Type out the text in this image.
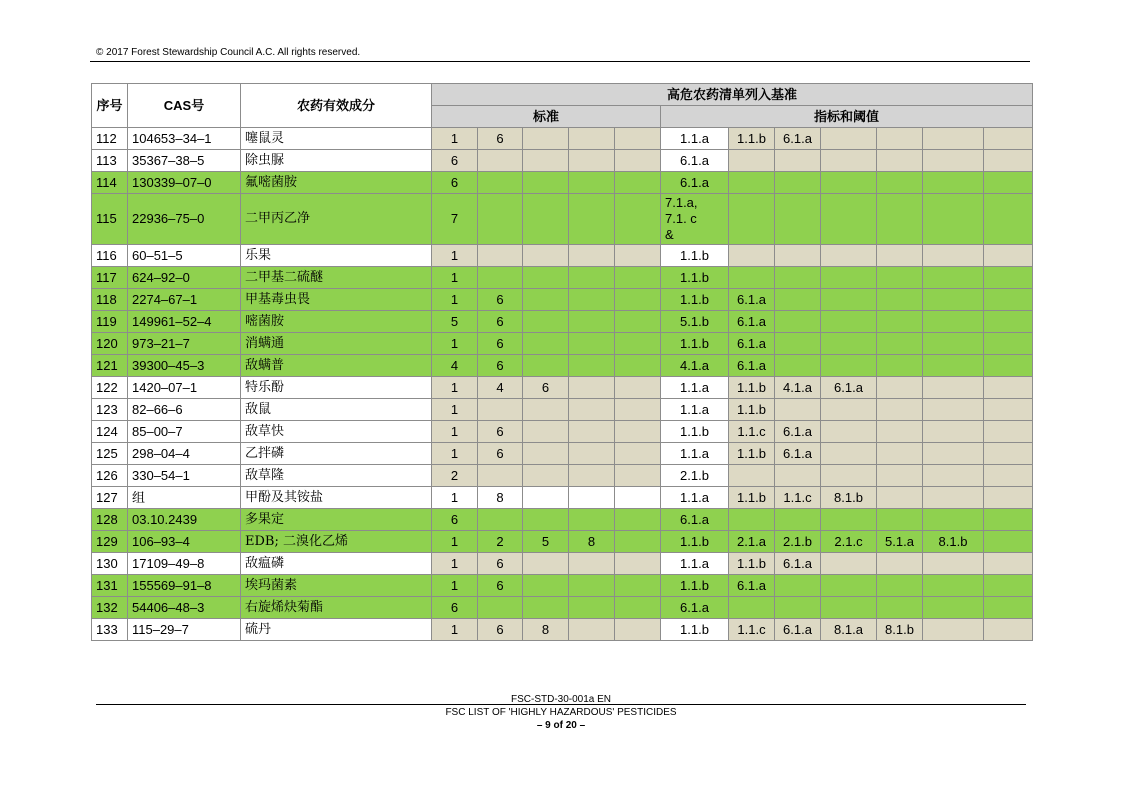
© 2017 Forest Stewardship Council A.C. All rights reserved.
序号	CAS号	农药有效成分	高危农药清单列入基准											
			标准					指标和阈值						
112	104653–34–1	噻鼠灵	1	6				1.1.a	1.1.b	6.1.a				
113	35367–38–5	除虫脲	6					6.1.a						
114	130339–07–0	氟嘧菌胺	6					6.1.a						
115	22936–75–0	二甲丙乙净	7					7.1.a,
7.1. c
&						
116	60–51–5	乐果	1					1.1.b						
117	624–92–0	二甲基二硫醚	1					1.1.b						
118	2274–67–1	甲基毒虫畏	1	6				1.1.b	6.1.a					
119	149961–52–4	嘧菌胺	5	6				5.1.b	6.1.a					
120	973–21–7	消螨通	1	6				1.1.b	6.1.a					
121	39300–45–3	敌螨普	4	6				4.1.a	6.1.a					
122	1420–07–1	特乐酚	1	4	6			1.1.a	1.1.b	4.1.a	6.1.a			
123	82–66–6	敌鼠	1					1.1.a	1.1.b					
124	85–00–7	敌草快	1	6				1.1.b	1.1.c	6.1.a				
125	298–04–4	乙拌磷	1	6				1.1.a	1.1.b	6.1.a				
126	330–54–1	敌草隆	2					2.1.b						
127	组	甲酚及其铵盐	1	8				1.1.a	1.1.b	1.1.c	8.1.b			
128	03.10.2439	多果定	6					6.1.a						
129	106–93–4	EDB; 二溴化乙烯	1	2	5	8		1.1.b	2.1.a	2.1.b	2.1.c	5.1.a	8.1.b	
130	17109–49–8	敌瘟磷	1	6				1.1.a	1.1.b	6.1.a				
131	155569–91–8	埃玛菌素	1	6				1.1.b	6.1.a					
132	54406–48–3	右旋烯炔菊酯	6					6.1.a						
133	115–29–7	硫丹	1	6	8			1.1.b	1.1.c	6.1.a	8.1.a	8.1.b		
FSC-STD-30-001a EN
FSC LIST OF 'HIGHLY HAZARDOUS' PESTICIDES
– 9 of 20 –
